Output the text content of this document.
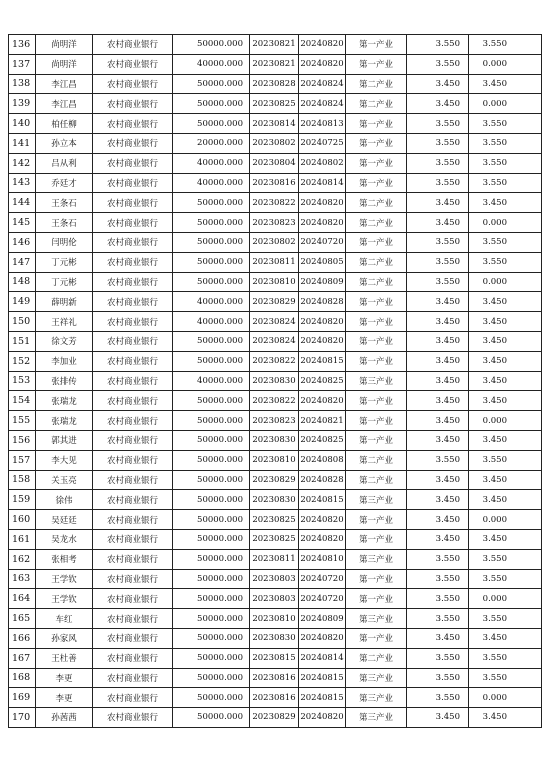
136	尚明洋	农村商业银行	50000.000	20230821	20240820	第一产业	3.550	3.550
137	尚明洋	农村商业银行	40000.000	20230821	20240820	第一产业	3.550	0.000
138	李江昌	农村商业银行	50000.000	20230828	20240824	第二产业	3.450	3.450
139	李江昌	农村商业银行	50000.000	20230825	20240824	第二产业	3.450	0.000
140	柏任柳	农村商业银行	50000.000	20230814	20240813	第一产业	3.550	3.550
141	孙立本	农村商业银行	20000.000	20230802	20240725	第一产业	3.550	3.550
142	吕从利	农村商业银行	40000.000	20230804	20240802	第一产业	3.550	3.550
143	乔廷才	农村商业银行	40000.000	20230816	20240814	第一产业	3.550	3.550
144	王条石	农村商业银行	50000.000	20230822	20240820	第二产业	3.450	3.450
145	王条石	农村商业银行	50000.000	20230823	20240820	第二产业	3.450	0.000
146	闫明伦	农村商业银行	50000.000	20230802	20240720	第一产业	3.550	3.550
147	丁元彬	农村商业银行	50000.000	20230811	20240805	第二产业	3.550	3.550
148	丁元彬	农村商业银行	50000.000	20230810	20240809	第二产业	3.550	0.000
149	薛明新	农村商业银行	40000.000	20230829	20240828	第一产业	3.450	3.450
150	王祥礼	农村商业银行	40000.000	20230824	20240820	第一产业	3.450	3.450
151	徐文芳	农村商业银行	50000.000	20230824	20240820	第一产业	3.450	3.450
152	李加业	农村商业银行	50000.000	20230822	20240815	第一产业	3.450	3.450
153	张排传	农村商业银行	40000.000	20230830	20240825	第三产业	3.450	3.450
154	张瑞龙	农村商业银行	50000.000	20230822	20240820	第一产业	3.450	3.450
155	张瑞龙	农村商业银行	50000.000	20230823	20240821	第一产业	3.450	0.000
156	郭其进	农村商业银行	50000.000	20230830	20240825	第一产业	3.450	3.450
157	李大见	农村商业银行	50000.000	20230810	20240808	第二产业	3.550	3.550
158	关玉亮	农村商业银行	50000.000	20230829	20240828	第二产业	3.450	3.450
159	徐伟	农村商业银行	50000.000	20230830	20240815	第三产业	3.450	3.450
160	吴廷廷	农村商业银行	50000.000	20230825	20240820	第一产业	3.450	0.000
161	吴龙水	农村商业银行	50000.000	20230825	20240820	第一产业	3.450	3.450
162	张相考	农村商业银行	50000.000	20230811	20240810	第三产业	3.550	3.550
163	王学钦	农村商业银行	50000.000	20230803	20240720	第一产业	3.550	3.550
164	王学钦	农村商业银行	50000.000	20230803	20240720	第一产业	3.550	0.000
165	车红	农村商业银行	50000.000	20230810	20240809	第三产业	3.550	3.550
166	孙家风	农村商业银行	50000.000	20230830	20240820	第一产业	3.450	3.450
167	王杜善	农村商业银行	50000.000	20230815	20240814	第二产业	3.550	3.550
168	李更	农村商业银行	50000.000	20230816	20240815	第三产业	3.550	3.550
169	李更	农村商业银行	50000.000	20230816	20240815	第三产业	3.550	0.000
170	孙茜茜	农村商业银行	50000.000	20230829	20240820	第三产业	3.450	3.450
